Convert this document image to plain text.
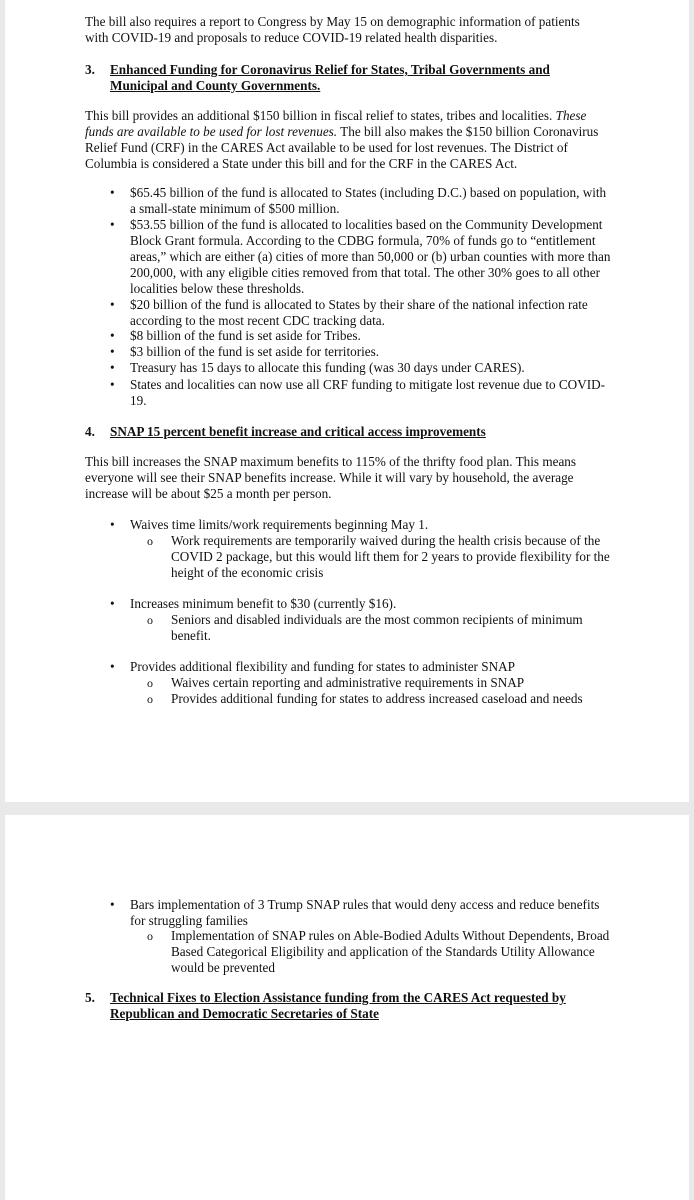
The bill also requires a report to Congress by May 15 on demographic information of patients with COVID-19 and proposals to reduce COVID-19 related health disparities.

3. Enhanced Funding for Coronavirus Relief for States, Tribal Governments and Municipal and County Governments.

This bill provides an additional $150 billion in fiscal relief to states, tribes and localities. These funds are available to be used for lost revenues. The bill also makes the $150 billion Coronavirus Relief Fund (CRF) in the CARES Act available to be used for lost revenues. The District of Columbia is considered a State under this bill and for the CRF in the CARES Act.

• $65.45 billion of the fund is allocated to States (including D.C.) based on population, with a small-state minimum of $500 million.
• $53.55 billion of the fund is allocated to localities based on the Community Development Block Grant formula. According to the CDBG formula, 70% of funds go to “entitlement areas,” which are either (a) cities of more than 50,000 or (b) urban counties with more than 200,000, with any eligible cities removed from that total. The other 30% goes to all other localities below these thresholds.
• $20 billion of the fund is allocated to States by their share of the national infection rate according to the most recent CDC tracking data.
• $8 billion of the fund is set aside for Tribes.
• $3 billion of the fund is set aside for territories.
• Treasury has 15 days to allocate this funding (was 30 days under CARES).
• States and localities can now use all CRF funding to mitigate lost revenue due to COVID-19.
4. SNAP 15 percent benefit increase and critical access improvements

This bill increases the SNAP maximum benefits to 115% of the thrifty food plan. This means everyone will see their SNAP benefits increase. While it will vary by household, the average increase will be about $25 a month per person.

• Waives time limits/work requirements beginning May 1.
o Work requirements are temporarily waived during the health crisis because of the COVID 2 package, but this would lift them for 2 years to provide flexibility for the height of the economic crisis
• Increases minimum benefit to $30 (currently $16).
o Seniors and disabled individuals are the most common recipients of minimum benefit.
• Provides additional flexibility and funding for states to administer SNAP
o Waives certain reporting and administrative requirements in SNAP
o Provides additional funding for states to address increased caseload and needs
• Bars implementation of 3 Trump SNAP rules that would deny access and reduce benefits for struggling families
o Implementation of SNAP rules on Able-Bodied Adults Without Dependents, Broad Based Categorical Eligibility and application of the Standards Utility Allowance would be prevented
5. Technical Fixes to Election Assistance funding from the CARES Act requested by Republican and Democratic Secretaries of State
